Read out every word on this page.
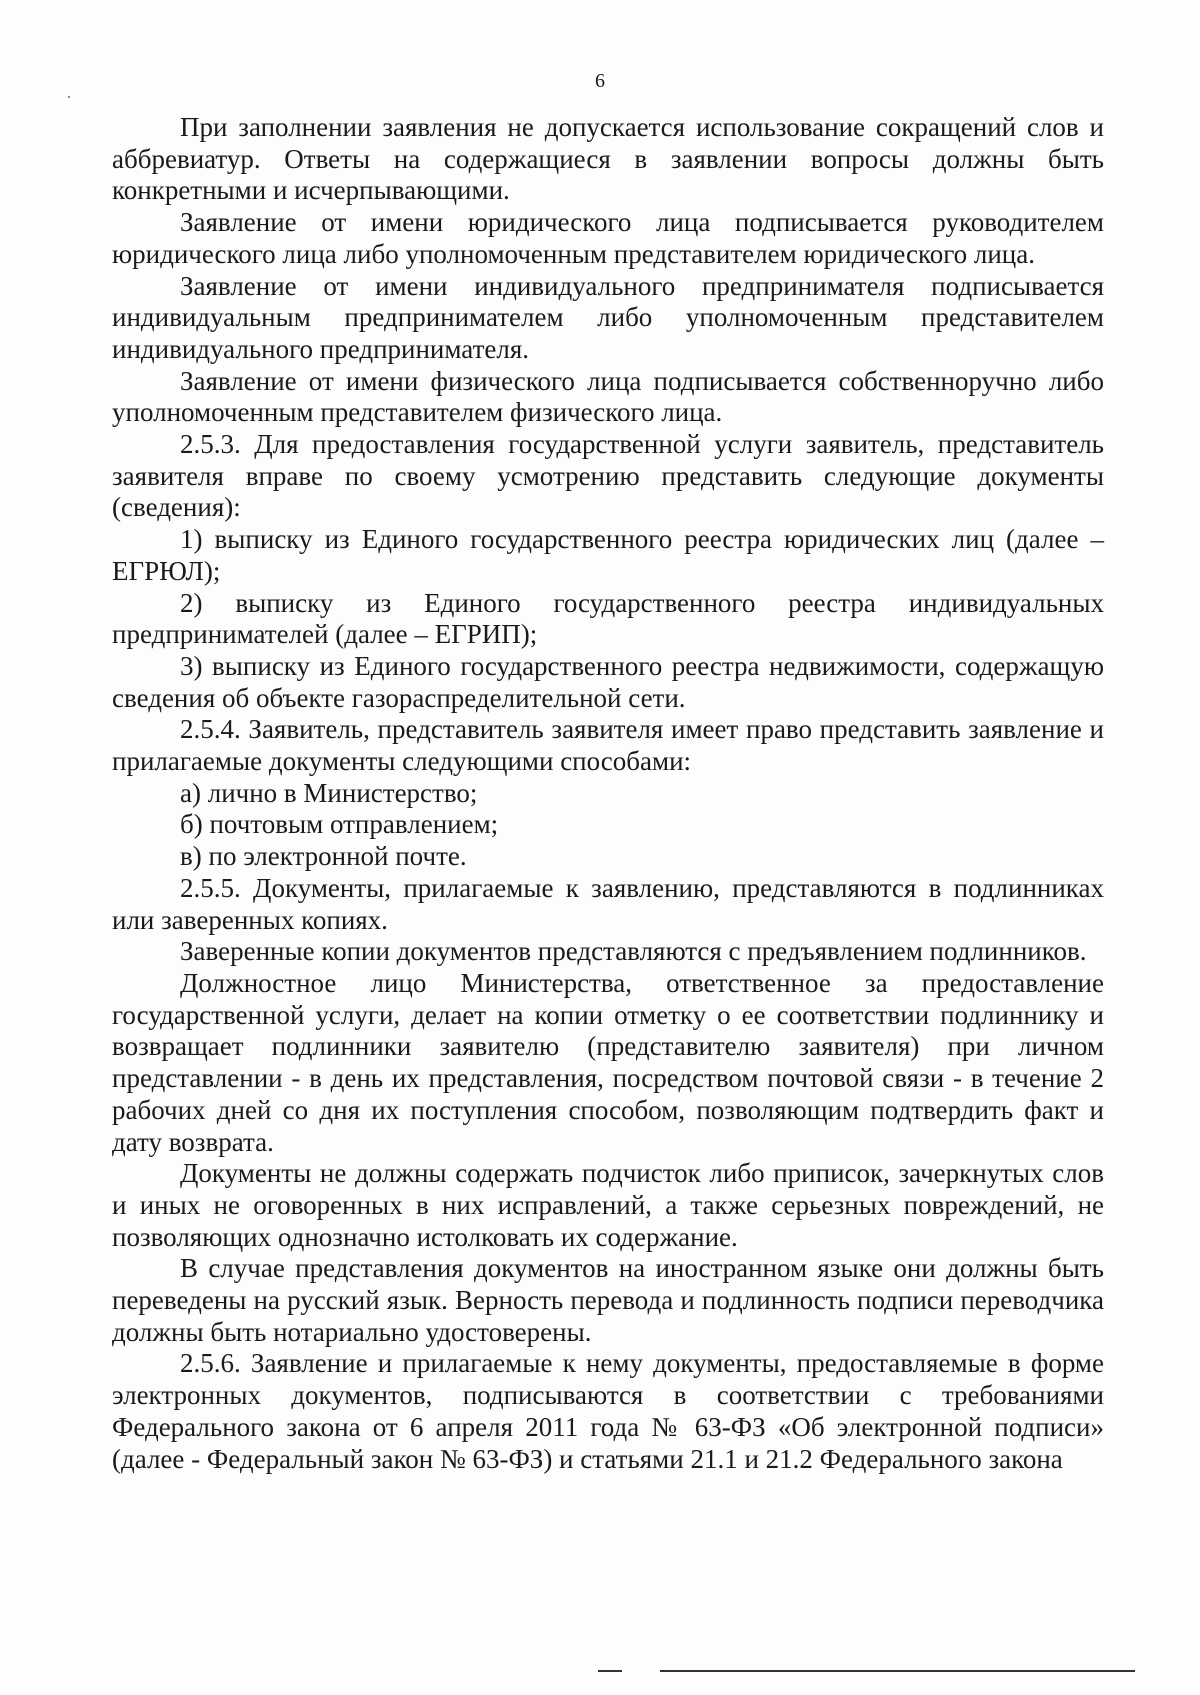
6

При заполнении заявления не допускается использование сокращений слов и аббревиатур. Ответы на содержащиеся в заявлении вопросы должны быть конкретными и исчерпывающими.

Заявление от имени юридического лица подписывается руководителем юридического лица либо уполномоченным представителем юридического лица.

Заявление от имени индивидуального предпринимателя подписывается индивидуальным предпринимателем либо уполномоченным представителем индивидуального предпринимателя.

Заявление от имени физического лица подписывается собственноручно либо уполномоченным представителем физического лица.

2.5.3. Для предоставления государственной услуги заявитель, представитель заявителя вправе по своему усмотрению представить следующие документы (сведения):

1) выписку из Единого государственного реестра юридических лиц (далее – ЕГРЮЛ);

2) выписку из Единого государственного реестра индивидуальных предпринимателей (далее – ЕГРИП);

3) выписку из Единого государственного реестра недвижимости, содержащую сведения об объекте газораспределительной сети.

2.5.4. Заявитель, представитель заявителя имеет право представить заявление и прилагаемые документы следующими способами:

а) лично в Министерство;

б) почтовым отправлением;

в) по электронной почте.

2.5.5. Документы, прилагаемые к заявлению, представляются в подлинниках или заверенных копиях.

Заверенные копии документов представляются с предъявлением подлинников.

Должностное лицо Министерства, ответственное за предоставление государственной услуги, делает на копии отметку о ее соответствии подлиннику и возвращает подлинники заявителю (представителю заявителя) при личном представлении - в день их представления, посредством почтовой связи - в течение 2 рабочих дней со дня их поступления способом, позволяющим подтвердить факт и дату возврата.

Документы не должны содержать подчисток либо приписок, зачеркнутых слов и иных не оговоренных в них исправлений, а также серьезных повреждений, не позволяющих однозначно истолковать их содержание.

В случае представления документов на иностранном языке они должны быть переведены на русский язык. Верность перевода и подлинность подписи переводчика должны быть нотариально удостоверены.

2.5.6. Заявление и прилагаемые к нему документы, предоставляемые в форме электронных документов, подписываются в соответствии с требованиями Федерального закона от 6 апреля 2011 года № 63-ФЗ «Об электронной подписи» (далее - Федеральный закон № 63-ФЗ) и статьями 21.1 и 21.2 Федерального закона
